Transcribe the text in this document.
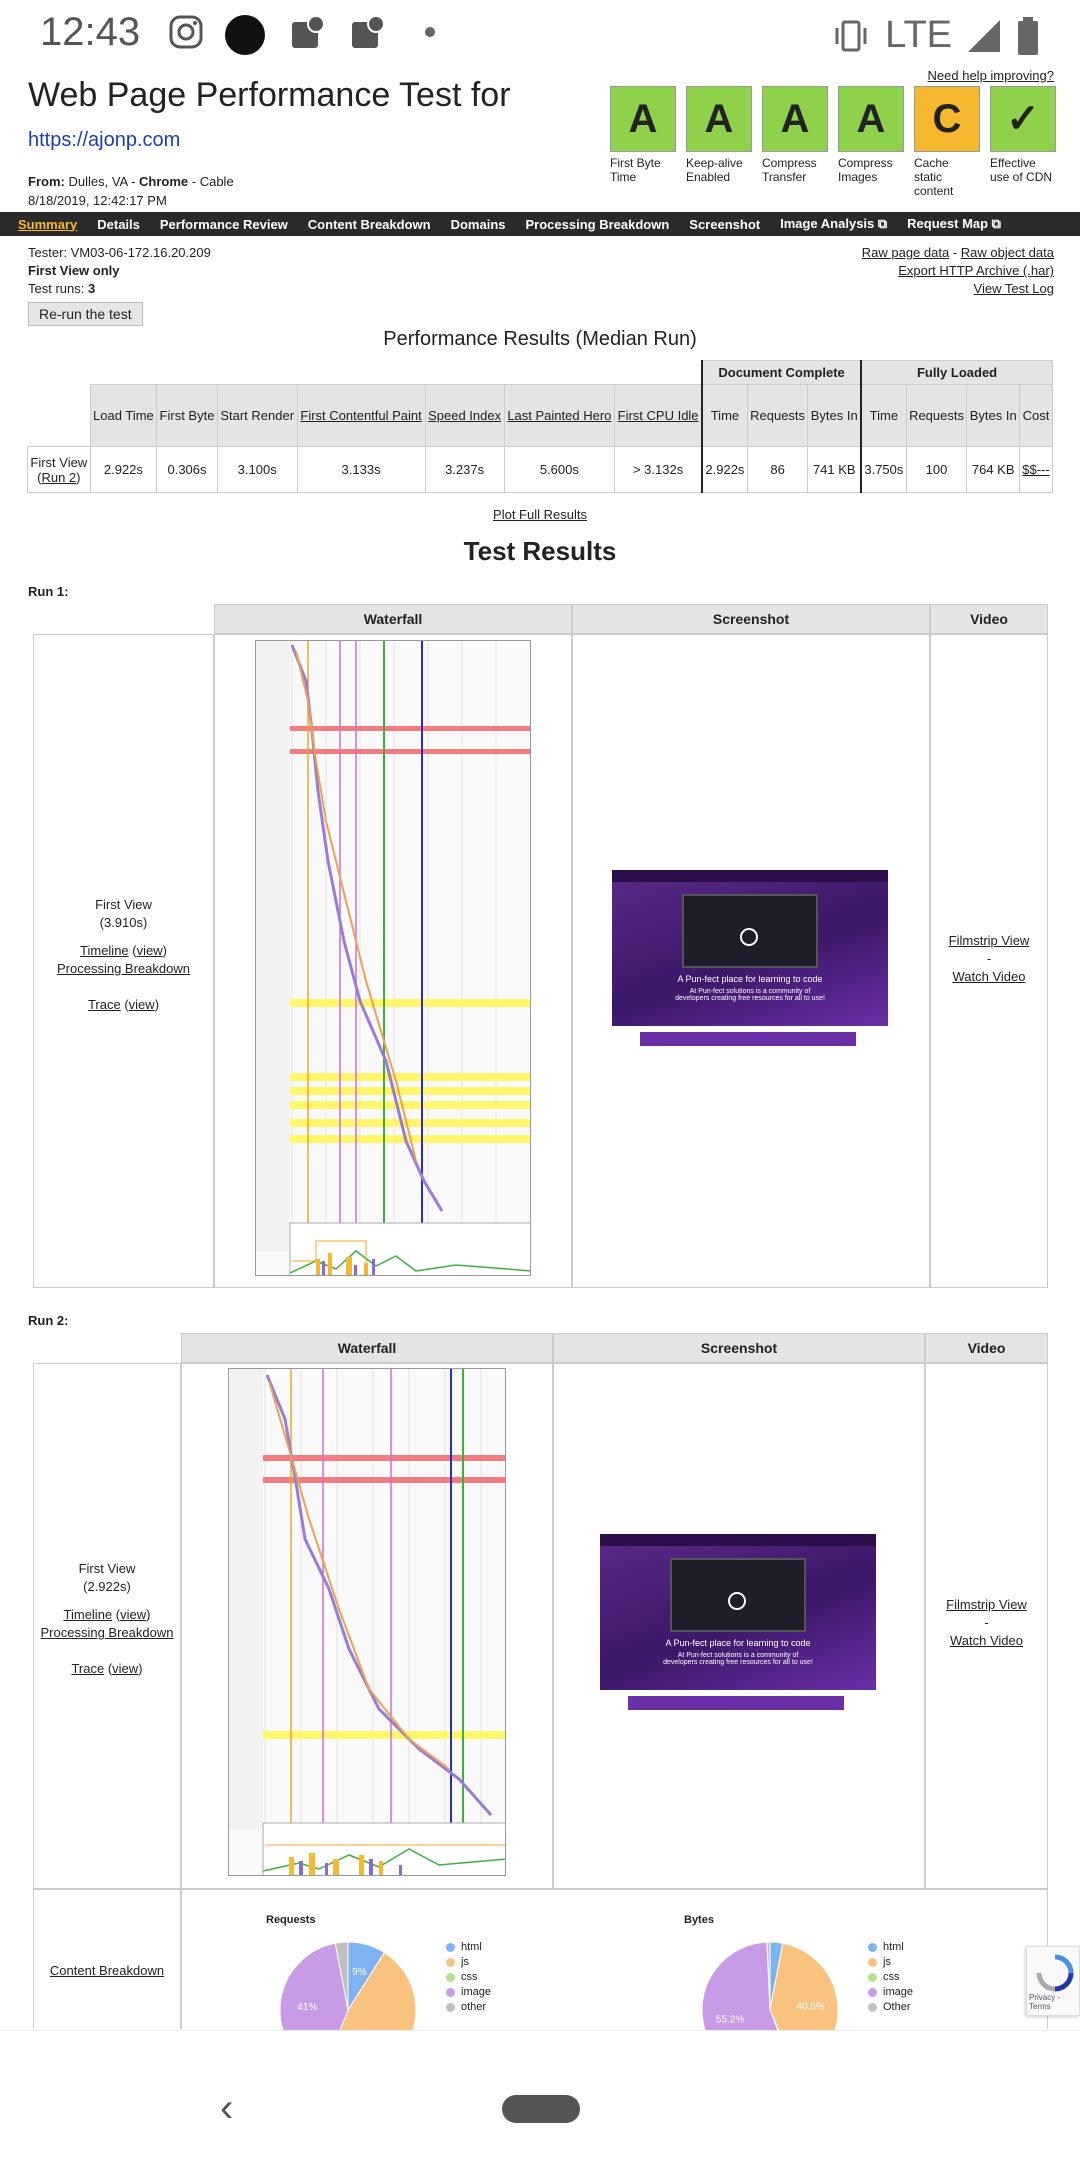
12:43	LTE
Web Page Performance Test for
https://ajonp.com
From: Dulles, VA - Chrome - Cable
8/18/2019, 12:42:17 PM
Need help improving?
A
First Byte Time
A
Keep-alive Enabled
A
Compress Transfer
A
Compress Images
C
Cache static content
✓
Effective use of CDN
Summary Details Performance Review Content Breakdown Domains Processing Breakdown Screenshot Image Analysis ⧉ Request Map ⧉
Tester: VM03-06-172.16.20.209
First View only
Test runs: 3
Re-run the test
Raw page data - Raw object data
Export HTTP Archive (.har)
View Test Log
Performance Results (Median Run)
								Document Complete			Fully Loaded			
	Load Time	First Byte	Start Render	First Contentful Paint	Speed Index	Last Painted Hero	First CPU Idle	Time	Requests	Bytes In	Time	Requests	Bytes In	Cost
First View
(Run 2)	2.922s	0.306s	3.100s	3.133s	3.237s	5.600s	> 3.132s	2.922s	86	741 KB	3.750s	100	764 KB	$$---
Plot Full Results
Test Results
Run 1:
Waterfall	Screenshot	Video
First View
(3.910s)
Timeline (view)
Processing Breakdown
Trace (view)
A Pun-fect place for learning to code
At Pun-fect solutions is a community of developers creating free resources for all to use!
Filmstrip View
-
Watch Video
Run 2:
Waterfall	Screenshot	Video
First View
(2.922s)
Timeline (view)
Processing Breakdown
Trace (view)
A Pun-fect place for learning to code
At Pun-fect solutions is a community of developers creating free resources for all to use!
Filmstrip View
-
Watch Video
Content Breakdown
Requests
9%
41%
html
js
css
image
other
Bytes
40.6%
55.2%
html
js
css
image
Other
Privacy - Terms
‹
